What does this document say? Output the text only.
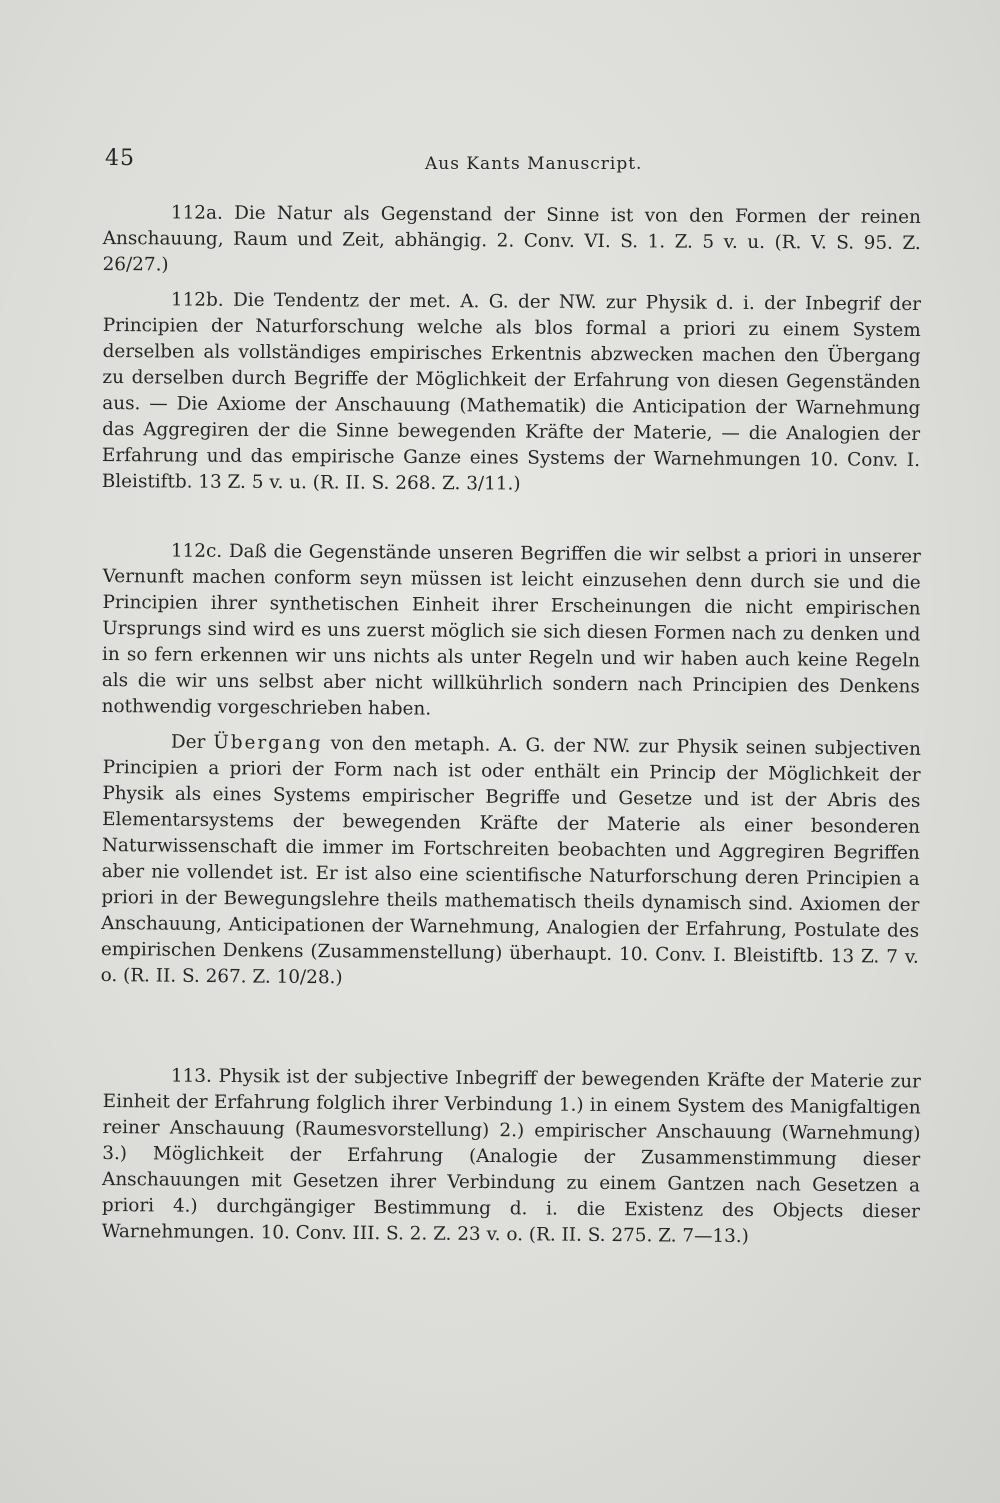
45	Aus Kants Manuscript.

112a. Die Natur als Gegenstand der Sinne ist von den Formen der reinen Anschauung, Raum und Zeit, abhängig. 2. Conv. VI. S. 1. Z. 5 v. u. (R. V. S. 95. Z. 26/27.)

112b. Die Tendentz der met. A. G. der NW. zur Physik d. i. der Inbegrif der Principien der Naturforschung welche als blos formal a priori zu einem System derselben als vollständiges empirisches Erkentnis abzwecken machen den Übergang zu derselben durch Begriffe der Möglichkeit der Erfahrung von diesen Gegenständen aus. — Die Axiome der Anschauung (Mathematik) die Anticipation der Warnehmung das Aggregiren der die Sinne bewegenden Kräfte der Materie, — die Analogien der Erfahrung und das empirische Ganze eines Systems der Warnehmungen 10. Conv. I. Bleistiftb. 13 Z. 5 v. u. (R. II. S. 268. Z. 3/11.)

112c. Daß die Gegenstände unseren Begriffen die wir selbst a priori in unserer Vernunft machen conform seyn müssen ist leicht einzusehen denn durch sie und die Principien ihrer synthetischen Einheit ihrer Erscheinungen die nicht empirischen Ursprungs sind wird es uns zuerst möglich sie sich diesen Formen nach zu denken und in so fern erkennen wir uns nichts als unter Regeln und wir haben auch keine Regeln als die wir uns selbst aber nicht willkührlich sondern nach Principien des Denkens nothwendig vorgeschrieben haben.

Der Übergang von den metaph. A. G. der NW. zur Physik seinen subjectiven Principien a priori der Form nach ist oder enthält ein Princip der Möglichkeit der Physik als eines Systems empirischer Begriffe und Gesetze und ist der Abris des Elementarsystems der bewegenden Kräfte der Materie als einer besonderen Naturwissenschaft die immer im Fortschreiten beobachten und Aggregiren Begriffen aber nie vollendet ist. Er ist also eine scientifische Naturforschung deren Principien a priori in der Bewegungslehre theils mathematisch theils dynamisch sind. Axiomen der Anschauung, Anticipationen der Warnehmung, Analogien der Erfahrung, Postulate des empirischen Denkens (Zusammenstellung) überhaupt. 10. Conv. I. Bleistiftb. 13 Z. 7 v. o. (R. II. S. 267. Z. 10/28.)

113. Physik ist der subjective Inbegriff der bewegenden Kräfte der Materie zur Einheit der Erfahrung folglich ihrer Verbindung 1.) in einem System des Manigfaltigen reiner Anschauung (Raumesvorstellung) 2.) empirischer Anschauung (Warnehmung) 3.) Möglichkeit der Erfahrung (Analogie der Zusammenstimmung dieser Anschauungen mit Gesetzen ihrer Verbindung zu einem Gantzen nach Gesetzen a priori 4.) durchgängiger Bestimmung d. i. die Existenz des Objects dieser Warnehmungen. 10. Conv. III. S. 2. Z. 23 v. o. (R. II. S. 275. Z. 7—13.)
